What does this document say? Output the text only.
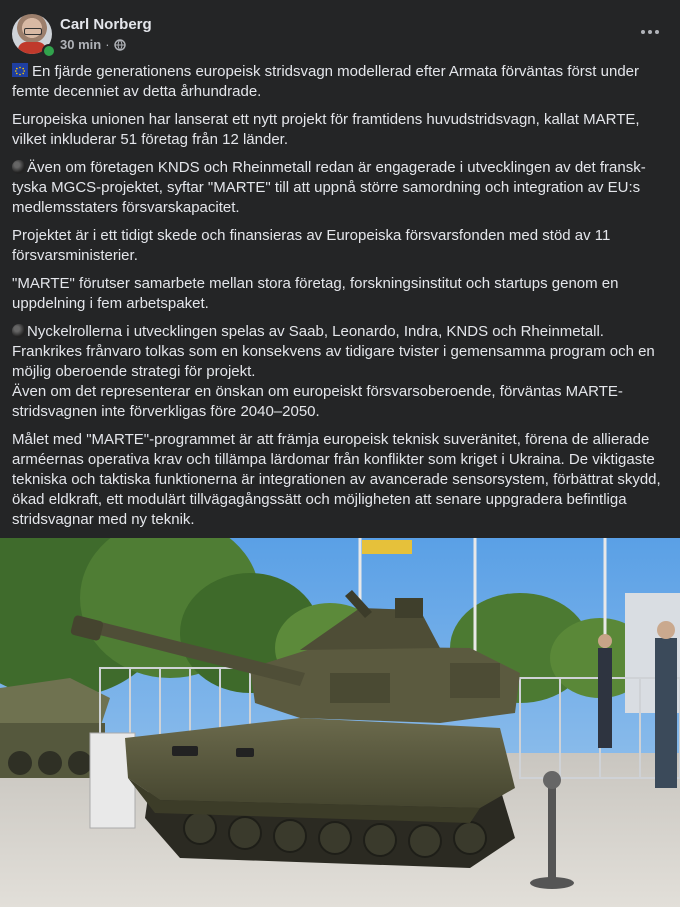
Carl Norberg
30 min ·

En fjärde generationens europeisk stridsvagn modellerad efter Armata förväntas först under femte decenniet av detta århundrade.

Europeiska unionen har lanserat ett nytt projekt för framtidens huvudstridsvagn, kallat MARTE, vilket inkluderar 51 företag från 12 länder.

Även om företagen KNDS och Rheinmetall redan är engagerade i utvecklingen av det fransk-tyska MGCS-projektet, syftar "MARTE" till att uppnå större samordning och integration av EU:s medlemsstaters försvarskapacitet.

Projektet är i ett tidigt skede och finansieras av Europeiska försvarsfonden med stöd av 11 försvarsministerier.

"MARTE" förutser samarbete mellan stora företag, forskningsinstitut och startups genom en uppdelning i fem arbetspaket.

Nyckelrollerna i utvecklingen spelas av Saab, Leonardo, Indra, KNDS och Rheinmetall.
Frankrikes frånvaro tolkas som en konsekvens av tidigare tvister i gemensamma program och en möjlig oberoende strategi för projekt.
Även om det representerar en önskan om europeiskt försvarsoberoende, förväntas MARTE-stridsvagnen inte förverkligas före 2040–2050.

Målet med "MARTE"-programmet är att främja europeisk teknisk suveränitet, förena de allierade arméernas operativa krav och tillämpa lärdomar från konflikter som kriget i Ukraina. De viktigaste tekniska och taktiska funktionerna är integrationen av avancerade sensorsystem, förbättrat skydd, ökad eldkraft, ett modulärt tillvägagångssätt och möjligheten att senare uppgradera befintliga stridsvagnar med ny teknik.
